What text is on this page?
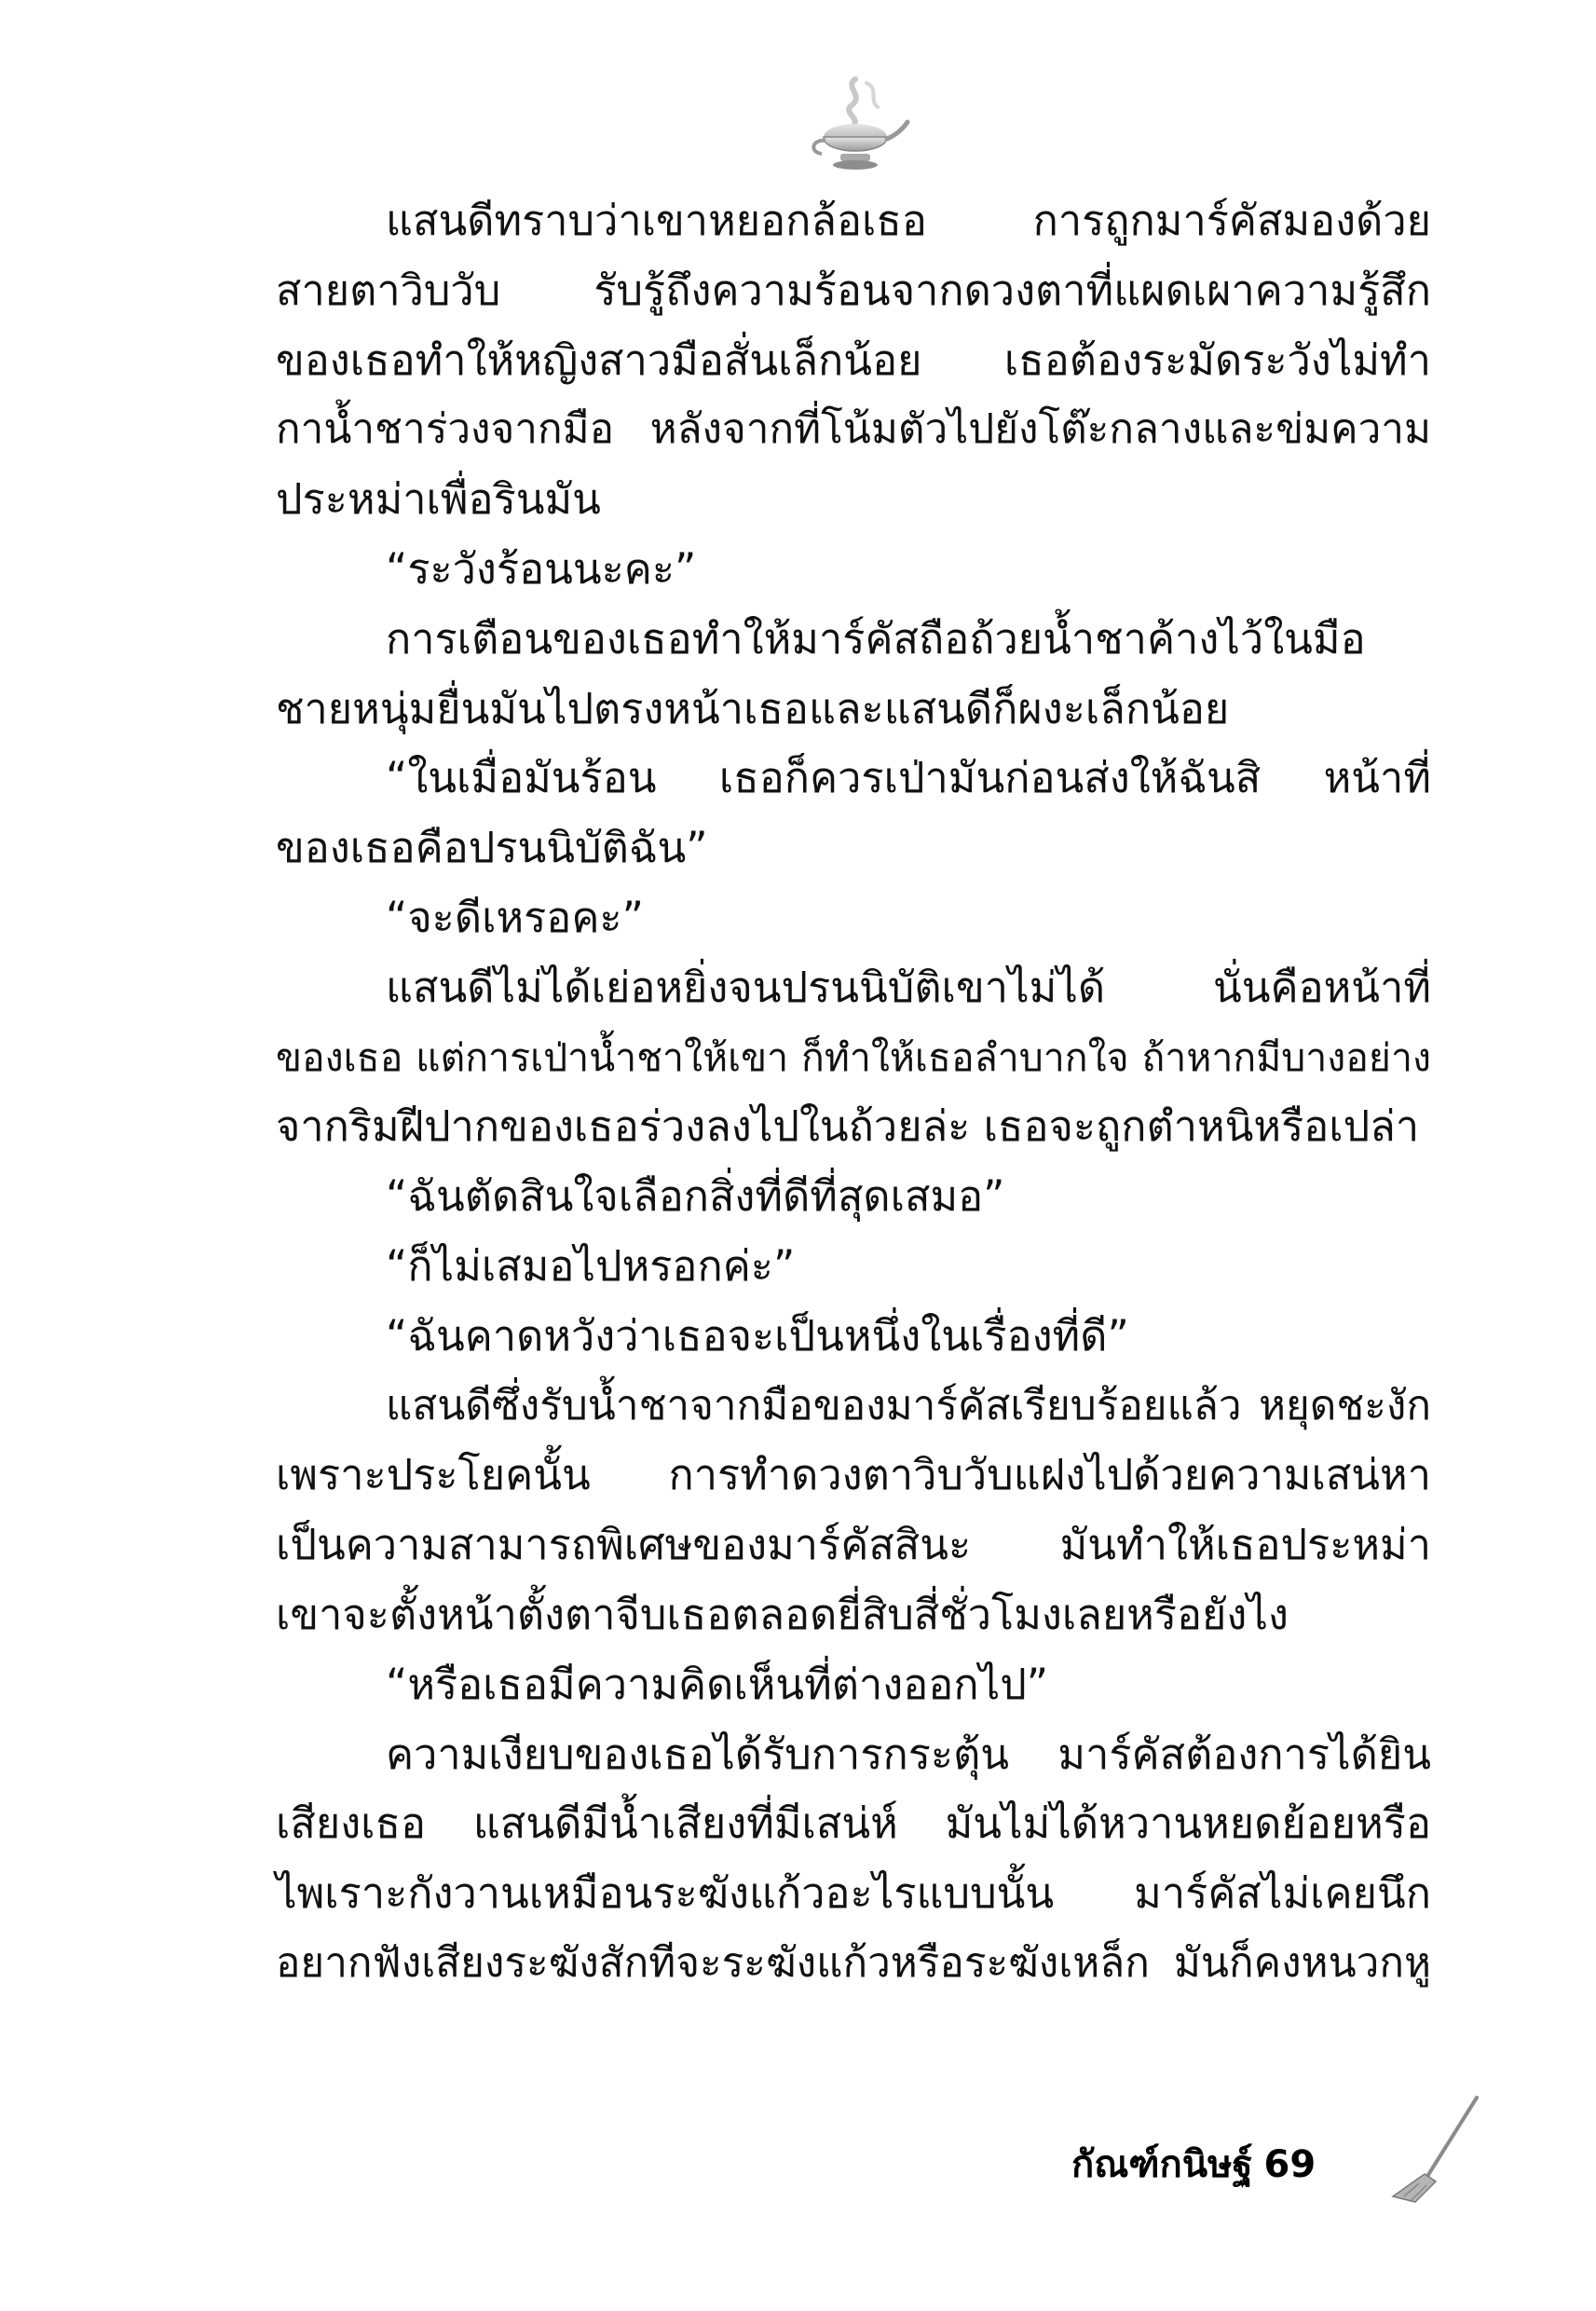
แสนดีทราบว่าเขาหยอกล้อเธอ การถูกมาร์คัสมองด้วย
สายตาวิบวับ รับรู้ถึงความร้อนจากดวงตาที่แผดเผาความรู้สึก
ของเธอทำให้หญิงสาวมือสั่นเล็กน้อย เธอต้องระมัดระวังไม่ทำ
กาน้ำชาร่วงจากมือ หลังจากที่โน้มตัวไปยังโต๊ะกลางและข่มความ
ประหม่าเพื่อรินมัน
“ระวังร้อนนะคะ”
การเตือนของเธอทำให้มาร์คัสถือถ้วยน้ำชาค้างไว้ในมือ
ชายหนุ่มยื่นมันไปตรงหน้าเธอและแสนดีก็ผงะเล็กน้อย
“ในเมื่อมันร้อน เธอก็ควรเป่ามันก่อนส่งให้ฉันสิ หน้าที่
ของเธอคือปรนนิบัติฉัน”
“จะดีเหรอคะ”
แสนดีไม่ได้เย่อหยิ่งจนปรนนิบัติเขาไม่ได้ นั่นคือหน้าที่
ของเธอ แต่การเป่าน้ำชาให้เขา ก็ทำให้เธอลำบากใจ ถ้าหากมีบางอย่าง
จากริมฝีปากของเธอร่วงลงไปในถ้วยล่ะ เธอจะถูกตำหนิหรือเปล่า
“ฉันตัดสินใจเลือกสิ่งที่ดีที่สุดเสมอ”
“ก็ไม่เสมอไปหรอกค่ะ”
“ฉันคาดหวังว่าเธอจะเป็นหนึ่งในเรื่องที่ดี”
แสนดีซึ่งรับน้ำชาจากมือของมาร์คัสเรียบร้อยแล้ว หยุดชะงัก
เพราะประโยคนั้น การทำดวงตาวิบวับแฝงไปด้วยความเสน่หา
เป็นความสามารถพิเศษของมาร์คัสสินะ มันทำให้เธอประหม่า
เขาจะตั้งหน้าตั้งตาจีบเธอตลอดยี่สิบสี่ชั่วโมงเลยหรือยังไง
“หรือเธอมีความคิดเห็นที่ต่างออกไป”
ความเงียบของเธอได้รับการกระตุ้น มาร์คัสต้องการได้ยิน
เสียงเธอ แสนดีมีน้ำเสียงที่มีเสน่ห์ มันไม่ได้หวานหยดย้อยหรือ
ไพเราะกังวานเหมือนระฆังแก้วอะไรแบบนั้น มาร์คัสไม่เคยนึก
อยากฟังเสียงระฆังสักทีจะระฆังแก้วหรือระฆังเหล็ก มันก็คงหนวกหู
กัณฑ์กนิษฐ์ 69
